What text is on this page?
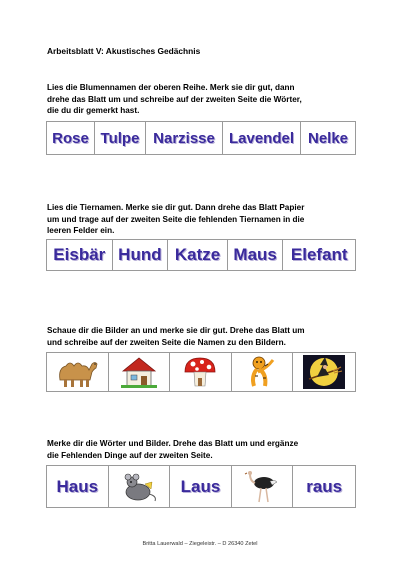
Arbeitsblatt V: Akustisches Gedächnis
Lies die Blumennamen der oberen Reihe. Merk sie dir gut, dann
drehe das Blatt um und schreibe auf der zweiten Seite die Wörter,
die du dir gemerkt hast.
Rose Tulpe Narzisse Lavendel Nelke
Lies die Tiernamen. Merke sie dir gut. Dann drehe das Blatt Papier
um und trage auf der zweiten Seite die fehlenden Tiernamen in die
leeren Felder ein.
Eisbär Hund Katze Maus Elefant
Schaue dir die Bilder an und merke sie dir gut. Drehe das Blatt um
und schreibe auf der zweiten Seite die Namen zu den Bildern.
Merke dir die Wörter und Bilder. Drehe das Blatt um und ergänze
die Fehlenden Dinge auf der zweiten Seite.
Haus	Laus	raus
Britta Lauerwald – Ziegeleistr. – D 26340 Zetel
